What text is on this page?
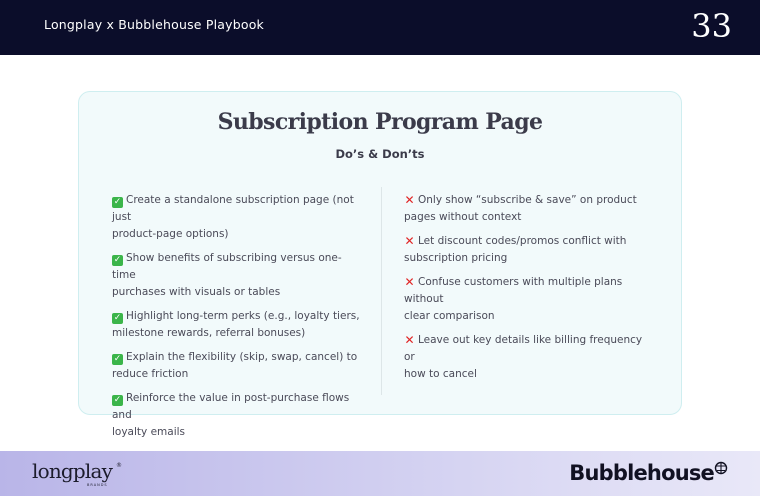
Longplay x Bubblehouse Playbook	33
Subscription Program Page
Do’s & Don’ts
✓ Create a standalone subscription page (not just
product-page options)
✓ Show benefits of subscribing versus one-time
purchases with visuals or tables
✓ Highlight long-term perks (e.g., loyalty tiers,
milestone rewards, referral bonuses)
✓ Explain the flexibility (skip, swap, cancel) to
reduce friction
✓ Reinforce the value in post-purchase flows and
loyalty emails
✕ Only show “subscribe & save” on product
pages without context
✕ Let discount codes/promos conflict with
subscription pricing
✕ Confuse customers with multiple plans without
clear comparison
✕ Leave out key details like billing frequency or
how to cancel
longplay ®
BRANDS	Bubblehouse
